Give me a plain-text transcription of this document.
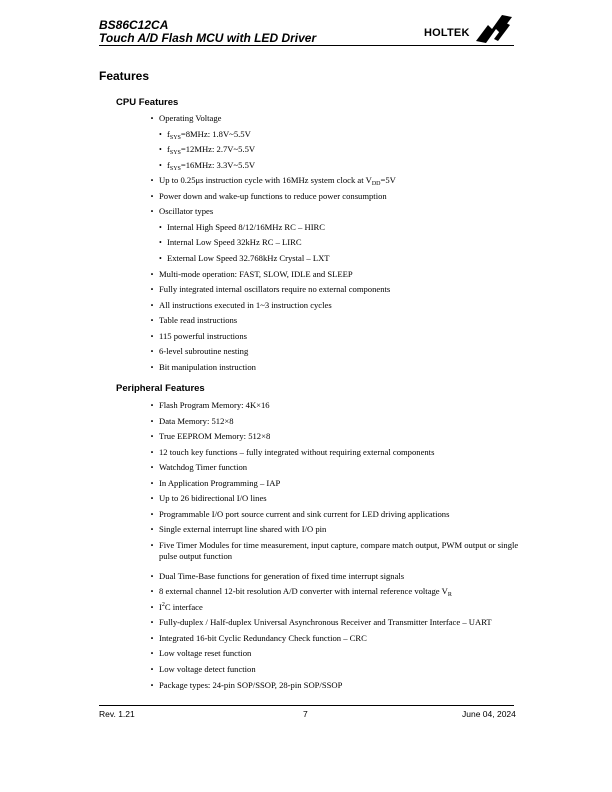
BS86C12CA
Touch A/D Flash MCU with LED Driver	HOLTEK
Features
CPU Features
· Operating Voltage
• $f_{SYS}=8MHz$: 1.8V~5.5V
• $f_{SYS}=12MHz$: 2.7V~5.5V
• $f_{SYS}=16MHz$: 3.3V~5.5V
· Up to 0.25μs instruction cycle with 16MHz system clock at $V_{DD}=5V$
· Power down and wake-up functions to reduce power consumption
· Oscillator types
• Internal High Speed 8/12/16MHz RC – HIRC
• Internal Low Speed 32kHz RC – LIRC
• External Low Speed 32.768kHz Crystal – LXT
· Multi-mode operation: FAST, SLOW, IDLE and SLEEP
· Fully integrated internal oscillators require no external components
· All instructions executed in 1~3 instruction cycles
· Table read instructions
· 115 powerful instructions
· 6-level subroutine nesting
· Bit manipulation instruction
Peripheral Features
· Flash Program Memory: 4K×16
· Data Memory: 512×8
· True EEPROM Memory: 512×8
· 12 touch key functions – fully integrated without requiring external components
· Watchdog Timer function
· In Application Programming – IAP
· Up to 26 bidirectional I/O lines
· Programmable I/O port source current and sink current for LED driving applications
· Single external interrupt line shared with I/O pin
· Five Timer Modules for time measurement, input capture, compare match output, PWM output or single pulse output function
· Dual Time-Base functions for generation of fixed time interrupt signals
· 8 external channel 12-bit resolution A/D converter with internal reference voltage $V_R$
· $I^2C$ interface
· Fully-duplex / Half-duplex Universal Asynchronous Receiver and Transmitter Interface – UART
· Integrated 16-bit Cyclic Redundancy Check function – CRC
· Low voltage reset function
· Low voltage detect function
· Package types: 24-pin SOP/SSOP, 28-pin SOP/SSOP
Rev. 1.21	7	June 04, 2024
